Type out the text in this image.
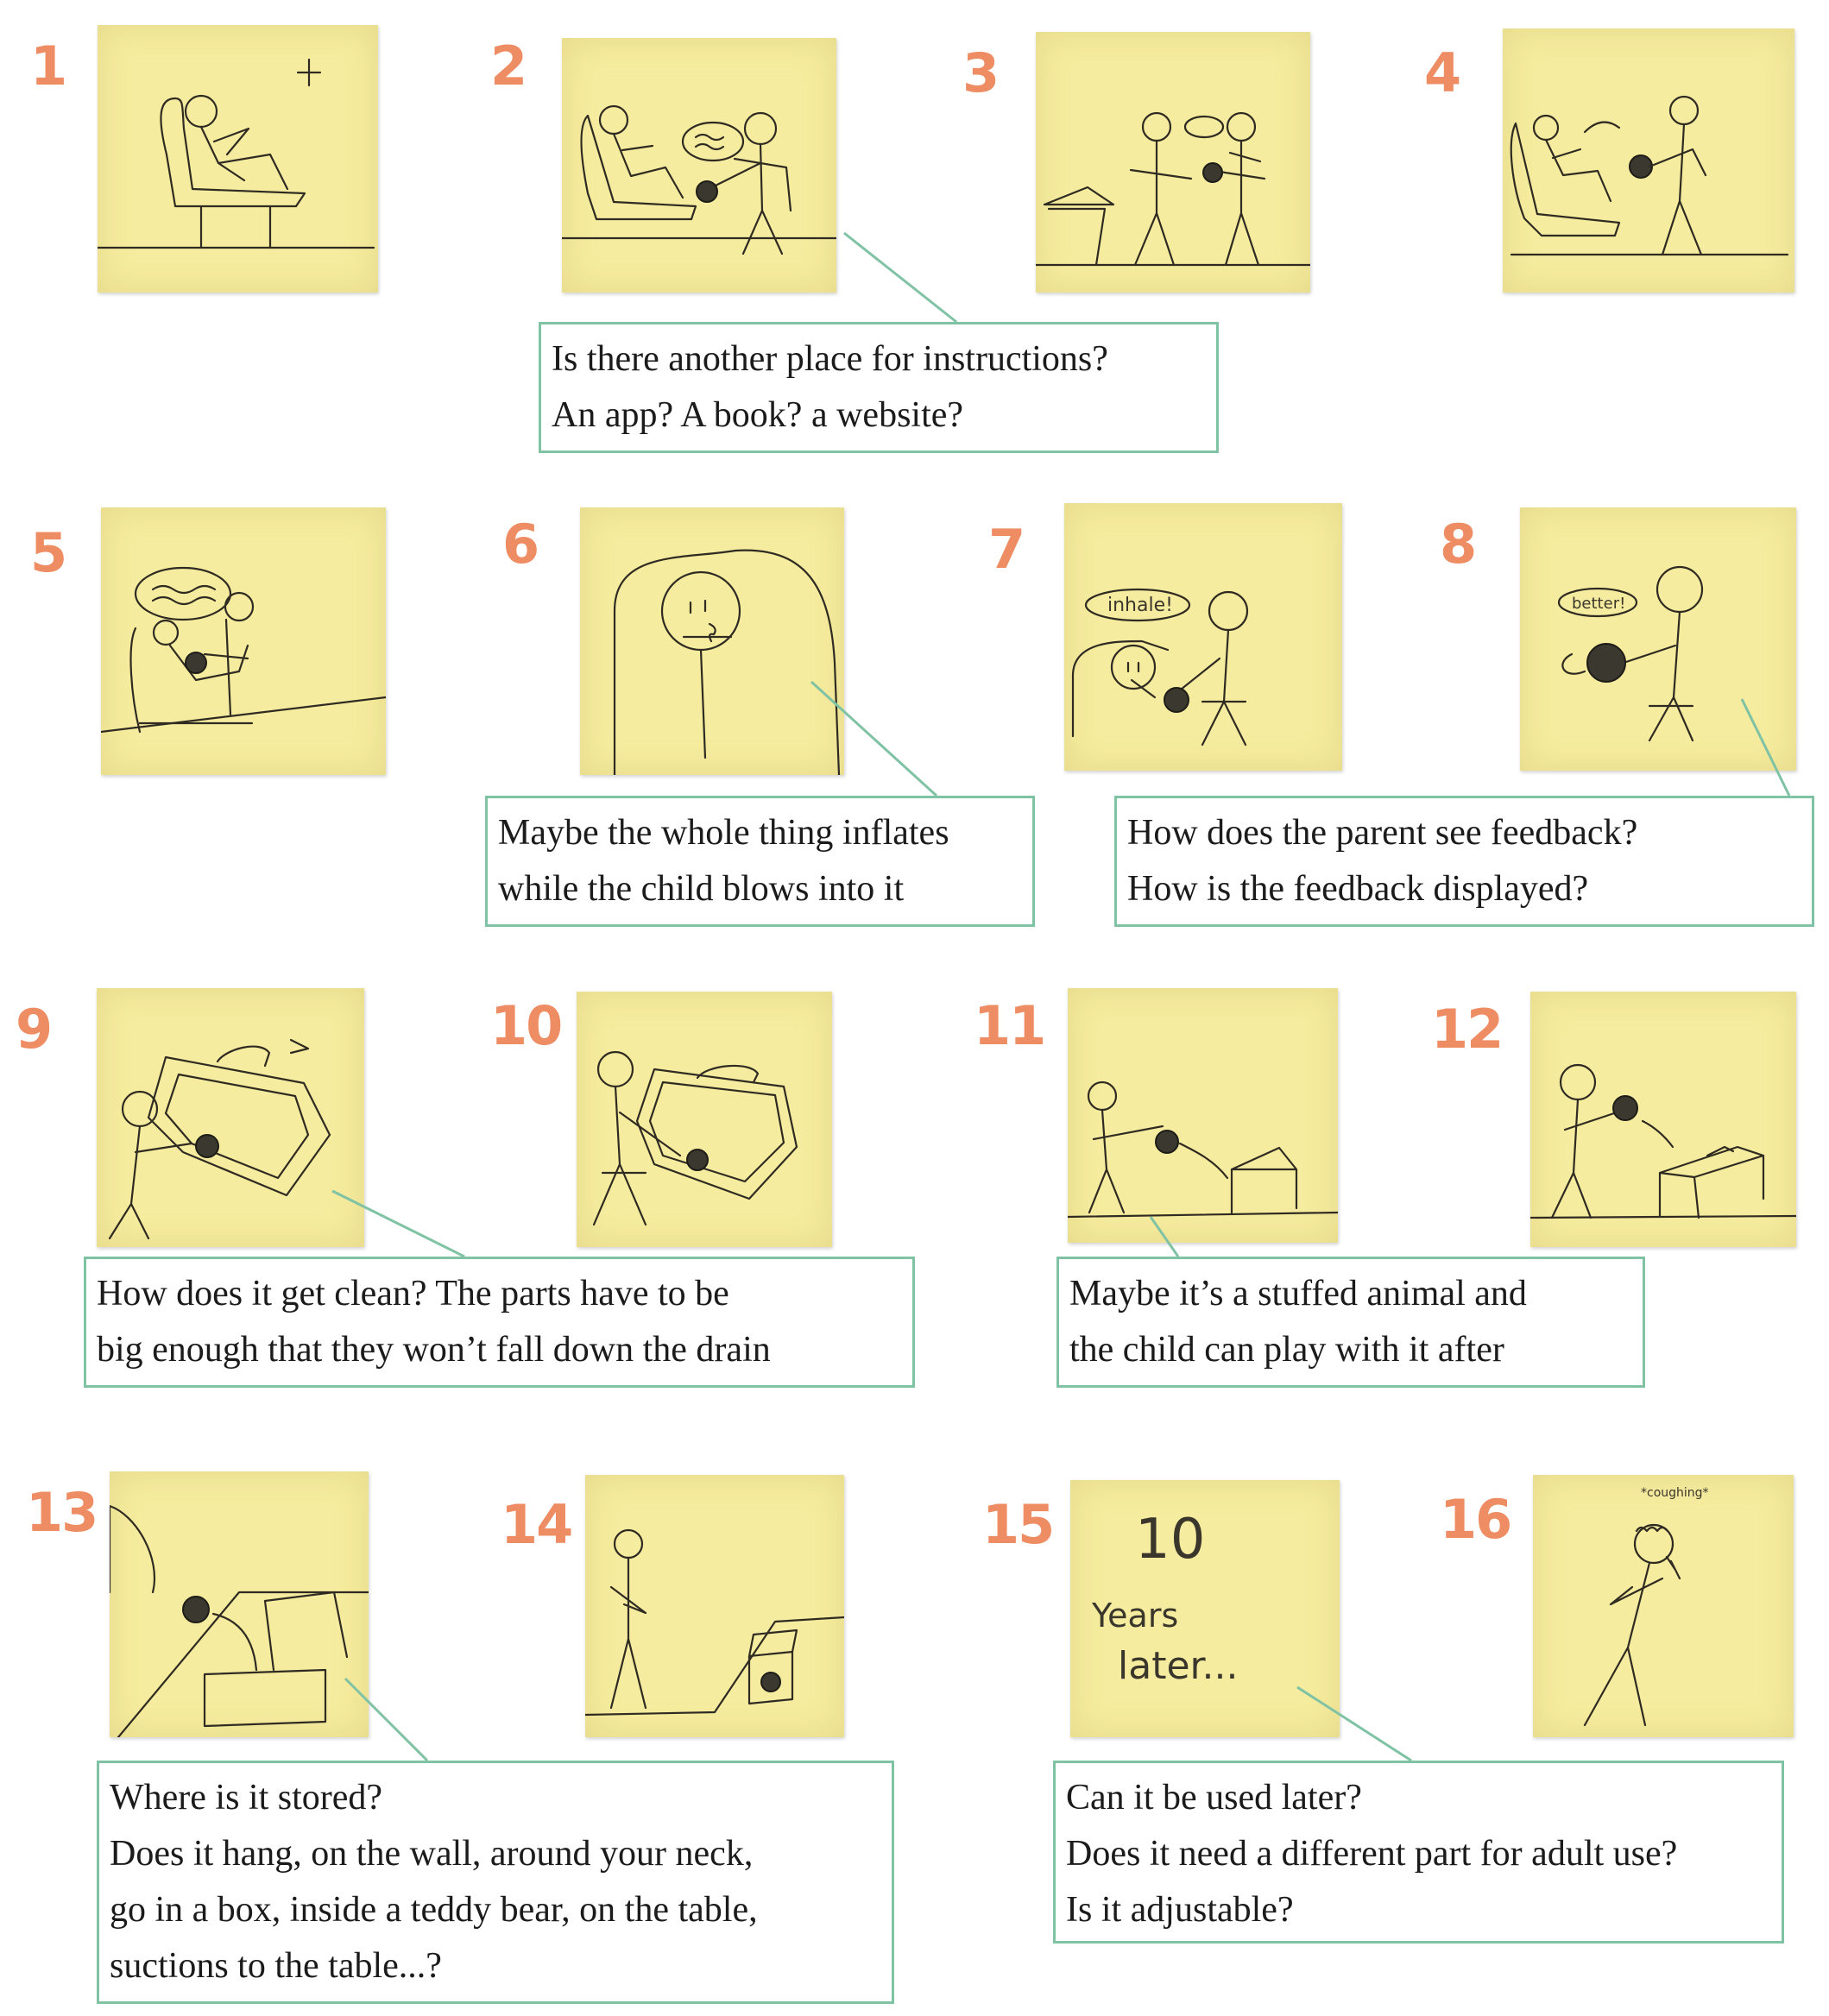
1	2	3	4
5	6	7	8
9	10	11	12
13	14	15	16
inhale!	better!
10
Years
later...
*coughing*
Is there another place for instructions?
An app? A book? a website?
Maybe the whole thing inflates
while the child blows into it
How does the parent see feedback?
How is the feedback displayed?
How does it get clean? The parts have to be
big enough that they won’t fall down the drain
Maybe it’s a stuffed animal and
the child can play with it after
Where is it stored?
Does it hang, on the wall, around your neck,
go in a box, inside a teddy bear, on the table,
suctions to the table...?
Can it be used later?
Does it need a different part for adult use?
Is it adjustable?
